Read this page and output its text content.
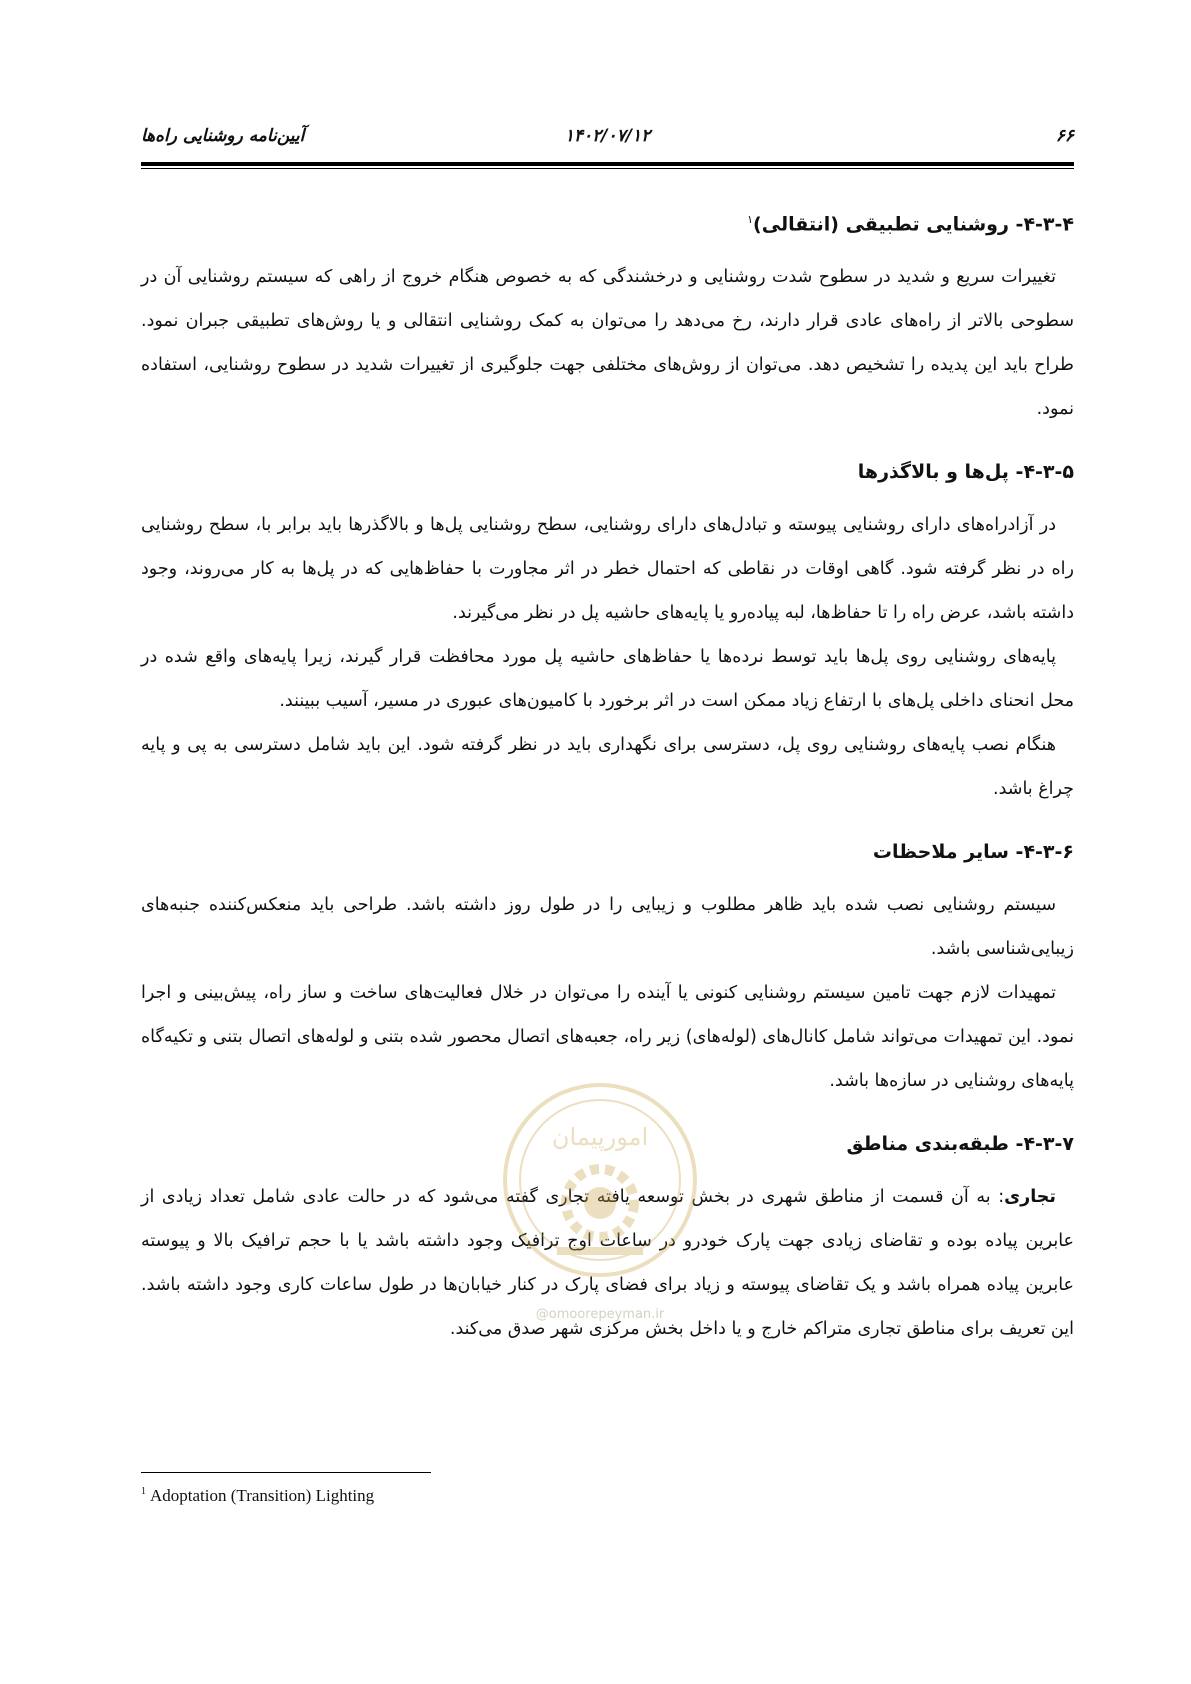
۶۶
۱۴۰۲/۰۷/۱۲
آیین‌نامه روشنایی راه‌ها
۴-۳-۴- روشنایی تطبیقی (انتقالی)$^۱$

تغییرات سریع و شدید در سطوح شدت روشنایی و درخشندگی که به خصوص هنگام خروج از راهی که سیستم روشنایی آن در سطوحی بالاتر از راه‌های عادی قرار دارند، رخ می‌دهد را می‌توان به کمک روشنایی انتقالی و یا روش‌های تطبیقی جبران نمود. طراح باید این پدیده را تشخیص دهد. می‌توان از روش‌های مختلفی جهت جلوگیری از تغییرات شدید در سطوح روشنایی، استفاده نمود.

۴-۳-۵- پل‌ها و بالاگذرها

در آزادراه‌های دارای روشنایی پیوسته و تبادل‌های دارای روشنایی، سطح روشنایی پل‌ها و بالاگذرها باید برابر با، سطح روشنایی راه در نظر گرفته شود. گاهی اوقات در نقاطی که احتمال خطر در اثر مجاورت با حفاظ‌هایی که در پل‌ها به کار می‌روند، وجود داشته باشد، عرض راه را تا حفاظ‌ها، لبه پیاده‌رو یا پایه‌های حاشیه پل در نظر می‌گیرند.

پایه‌های روشنایی روی پل‌ها باید توسط نرده‌ها یا حفاظ‌های حاشیه پل مورد محافظت قرار گیرند، زیرا پایه‌های واقع شده در محل انحنای داخلی پل‌های با ارتفاع زیاد ممکن است در اثر برخورد با کامیون‌های عبوری در مسیر، آسیب ببینند.

هنگام نصب پایه‌های روشنایی روی پل، دسترسی برای نگهداری باید در نظر گرفته شود. این باید شامل دسترسی به پی و پایه چراغ باشد.

۴-۳-۶- سایر ملاحظات

سیستم روشنایی نصب شده باید ظاهر مطلوب و زیبایی را در طول روز داشته باشد. طراحی باید منعکس‌کننده جنبه‌های زیبایی‌شناسی باشد.

تمهیدات لازم جهت تامین سیستم روشنایی کنونی یا آینده را می‌توان در خلال فعالیت‌های ساخت و ساز راه، پیش‌بینی و اجرا نمود. این تمهیدات می‌تواند شامل کانال‌های (لوله‌های) زیر راه، جعبه‌های اتصال محصور شده بتنی و لوله‌های اتصال بتنی و تکیه‌گاه پایه‌های روشنایی در سازه‌ها باشد.

۴-۳-۷- طبقه‌بندی مناطق

تجاری: به آن قسمت از مناطق شهری در بخش توسعه یافته تجاری گفته می‌شود که در حالت عادی شامل تعداد زیادی از عابرین پیاده بوده و تقاضای زیادی جهت پارک خودرو در ساعات اوج ترافیک وجود داشته باشد یا با حجم ترافیک بالا و پیوسته عابرین پیاده همراه باشد و یک تقاضای پیوسته و زیاد برای فضای پارک در کنار خیابان‌ها در طول ساعات کاری وجود داشته باشد. این تعریف برای مناطق تجاری متراکم خارج و یا داخل بخش مرکزی شهر صدق می‌کند.

امورپیمان
@omoorepeyman.ir
$^1$ Adoptation (Transition) Lighting
